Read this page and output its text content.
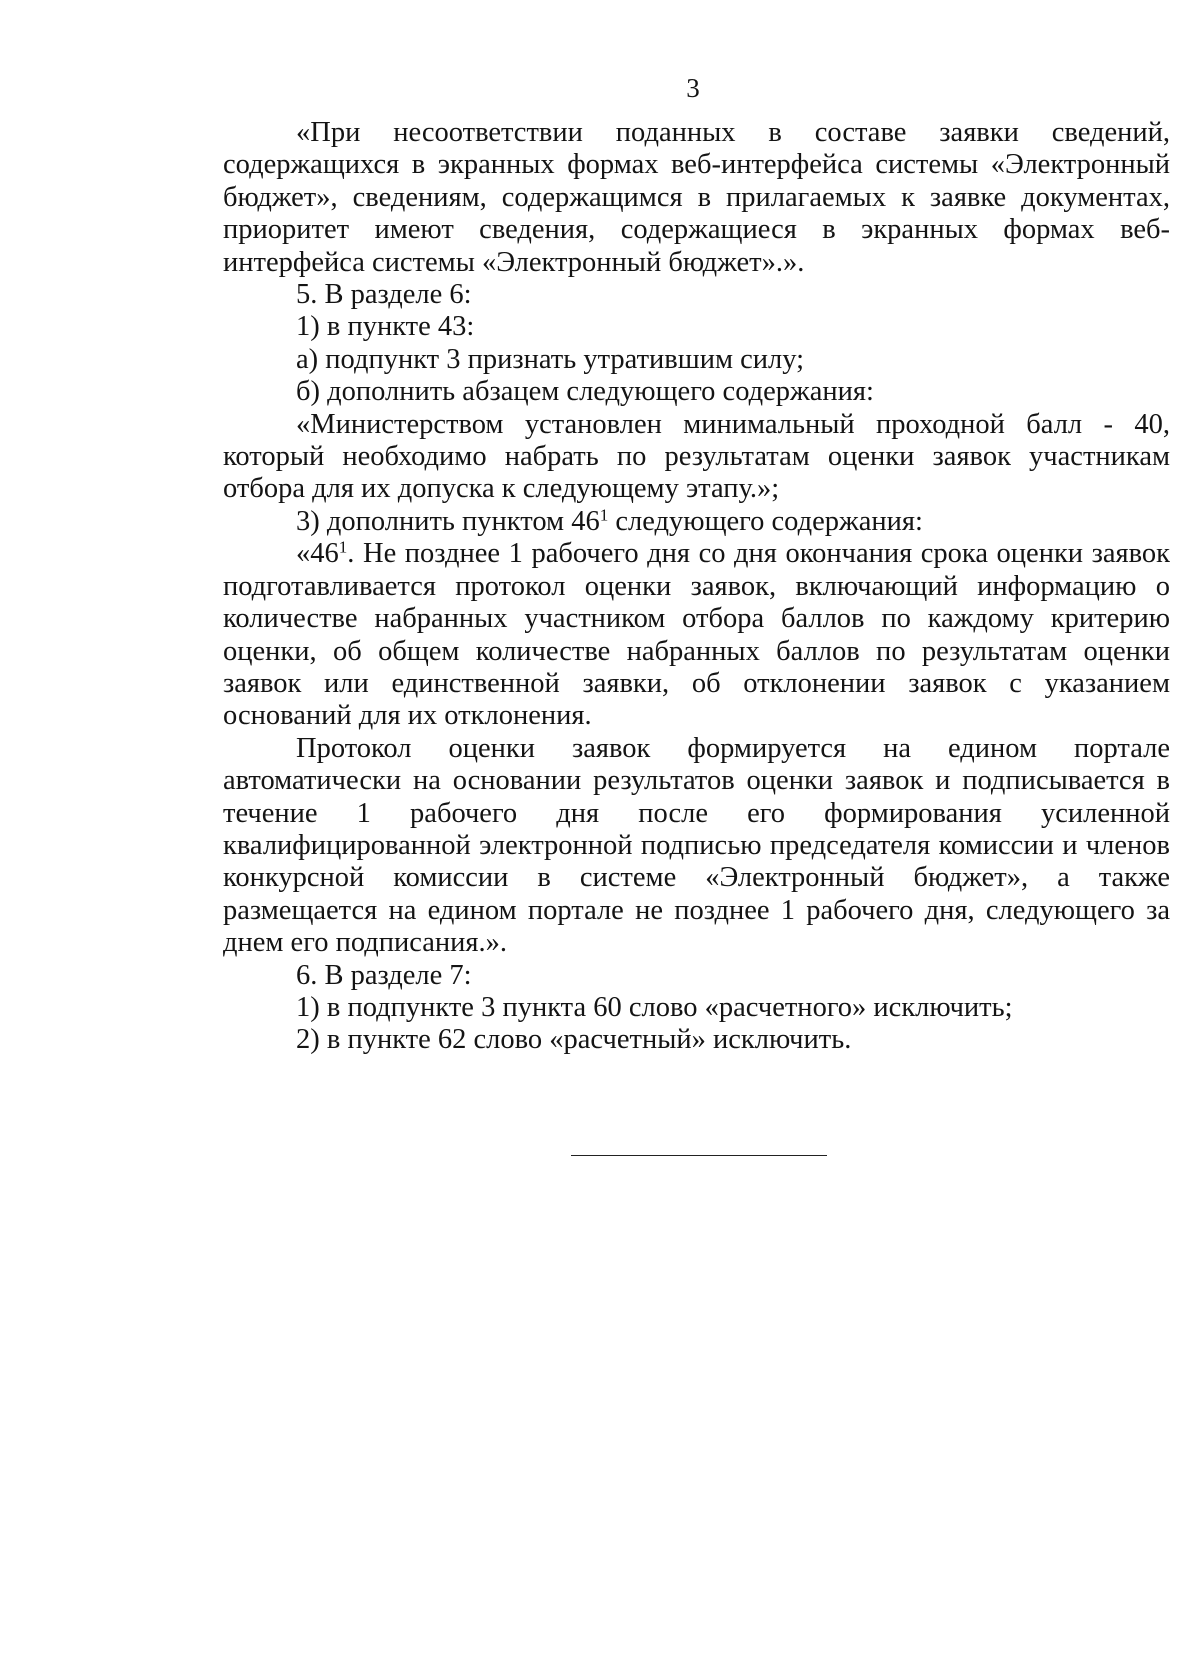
3

«При несоответствии поданных в составе заявки сведений, содержащихся в экранных формах веб-интерфейса системы «Электронный бюджет», сведениям, содержащимся в прилагаемых к заявке документах, приоритет имеют сведения, содержащиеся в экранных формах веб-интерфейса системы «Электронный бюджет».».

5. В разделе 6:

1) в пункте 43:

а) подпункт 3 признать утратившим силу;

б) дополнить абзацем следующего содержания:

«Министерством установлен минимальный проходной балл - 40, который необходимо набрать по результатам оценки заявок участникам отбора для их допуска к следующему этапу.»;

3) дополнить пунктом $46^1$ следующего содержания:

«$46^1$. Не позднее 1 рабочего дня со дня окончания срока оценки заявок подготавливается протокол оценки заявок, включающий информацию о количестве набранных участником отбора баллов по каждому критерию оценки, об общем количестве набранных баллов по результатам оценки заявок или единственной заявки, об отклонении заявок с указанием оснований для их отклонения.

Протокол оценки заявок формируется на едином портале автоматически на основании результатов оценки заявок и подписывается в течение 1 рабочего дня после его формирования усиленной квалифицированной электронной подписью председателя комиссии и членов конкурсной комиссии в системе «Электронный бюджет», а также размещается на едином портале не позднее 1 рабочего дня, следующего за днем его подписания.».

6. В разделе 7:

1) в подпункте 3 пункта 60 слово «расчетного» исключить;

2) в пункте 62 слово «расчетный» исключить.
